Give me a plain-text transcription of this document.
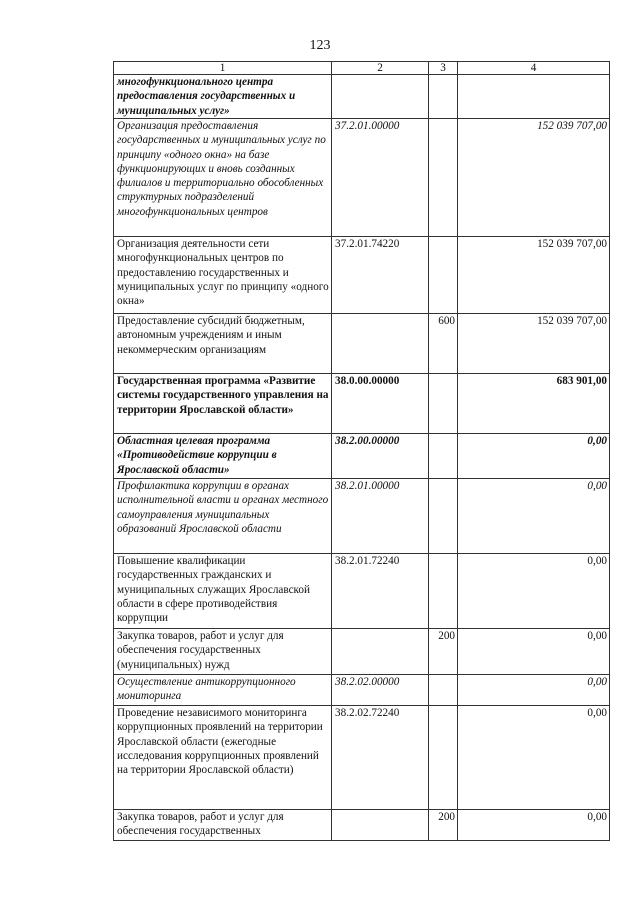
123
1	2	3	4
многофункционального центра предоставления государственных и муниципальных услуг»			
Организация предоставления государственных и муниципальных услуг по принципу «одного окна» на базе функционирующих и вновь созданных филиалов и территориально обособленных структурных подразделений многофункциональных центров	37.2.01.00000		152 039 707,00
Организация деятельности сети многофункциональных центров по предоставлению государственных и муниципальных услуг по принципу «одного окна»	37.2.01.74220		152 039 707,00
Предоставление субсидий бюджетным, автономным учреждениям и иным некоммерческим организациям		600	152 039 707,00
Государственная программа «Развитие системы государственного управления на территории Ярославской области»	38.0.00.00000		683 901,00
Областная целевая программа «Противодействие коррупции в Ярославской области»	38.2.00.00000		0,00
Профилактика коррупции в органах исполнительной власти и органах местного самоуправления муниципальных образований Ярославской области	38.2.01.00000		0,00
Повышение квалификации государственных гражданских и муниципальных служащих Ярославской области в сфере противодействия коррупции	38.2.01.72240		0,00
Закупка товаров, работ и услуг для обеспечения государственных (муниципальных) нужд		200	0,00
Осуществление антикоррупционного мониторинга	38.2.02.00000		0,00
Проведение независимого мониторинга коррупционных проявлений на территории Ярославской области (ежегодные исследования коррупционных проявлений на территории Ярославской области)	38.2.02.72240		0,00
Закупка товаров, работ и услуг для обеспечения государственных		200	0,00
